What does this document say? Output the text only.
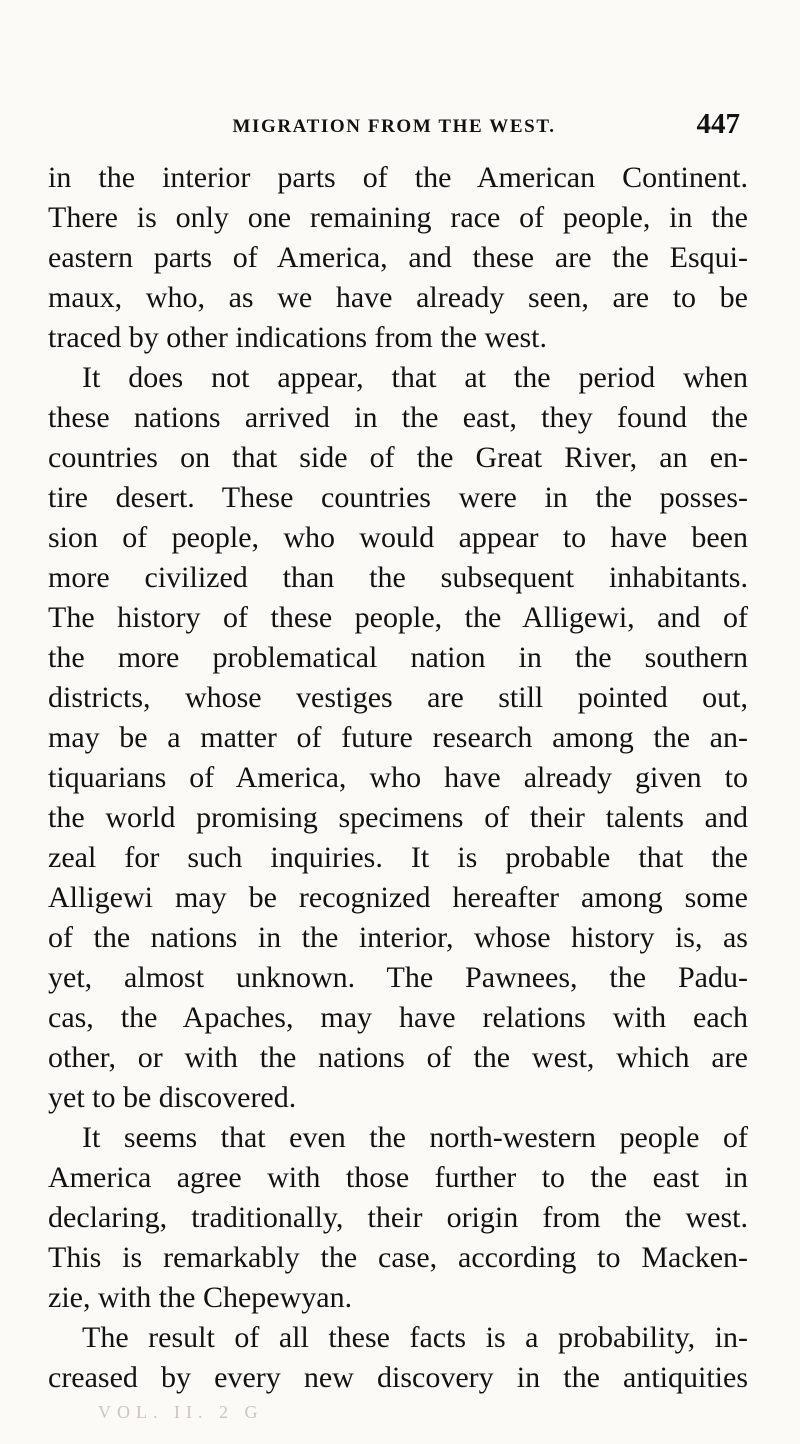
MIGRATION FROM THE WEST.	447
in the interior parts of the American Continent.
There is only one remaining race of people, in the
eastern parts of America, and these are the Esqui-
maux, who, as we have already seen, are to be
traced by other indications from the west.
It does not appear, that at the period when
these nations arrived in the east, they found the
countries on that side of the Great River, an en-
tire desert. These countries were in the posses-
sion of people, who would appear to have been
more civilized than the subsequent inhabitants.
The history of these people, the Alligewi, and of
the more problematical nation in the southern
districts, whose vestiges are still pointed out,
may be a matter of future research among the an-
tiquarians of America, who have already given to
the world promising specimens of their talents and
zeal for such inquiries. It is probable that the
Alligewi may be recognized hereafter among some
of the nations in the interior, whose history is, as
yet, almost unknown. The Pawnees, the Padu-
cas, the Apaches, may have relations with each
other, or with the nations of the west, which are
yet to be discovered.
It seems that even the north-western people of
America agree with those further to the east in
declaring, traditionally, their origin from the west.
This is remarkably the case, according to Macken-
zie, with the Chepewyan.
The result of all these facts is a probability, in-
creased by every new discovery in the antiquities
VOL. II. 2 G
